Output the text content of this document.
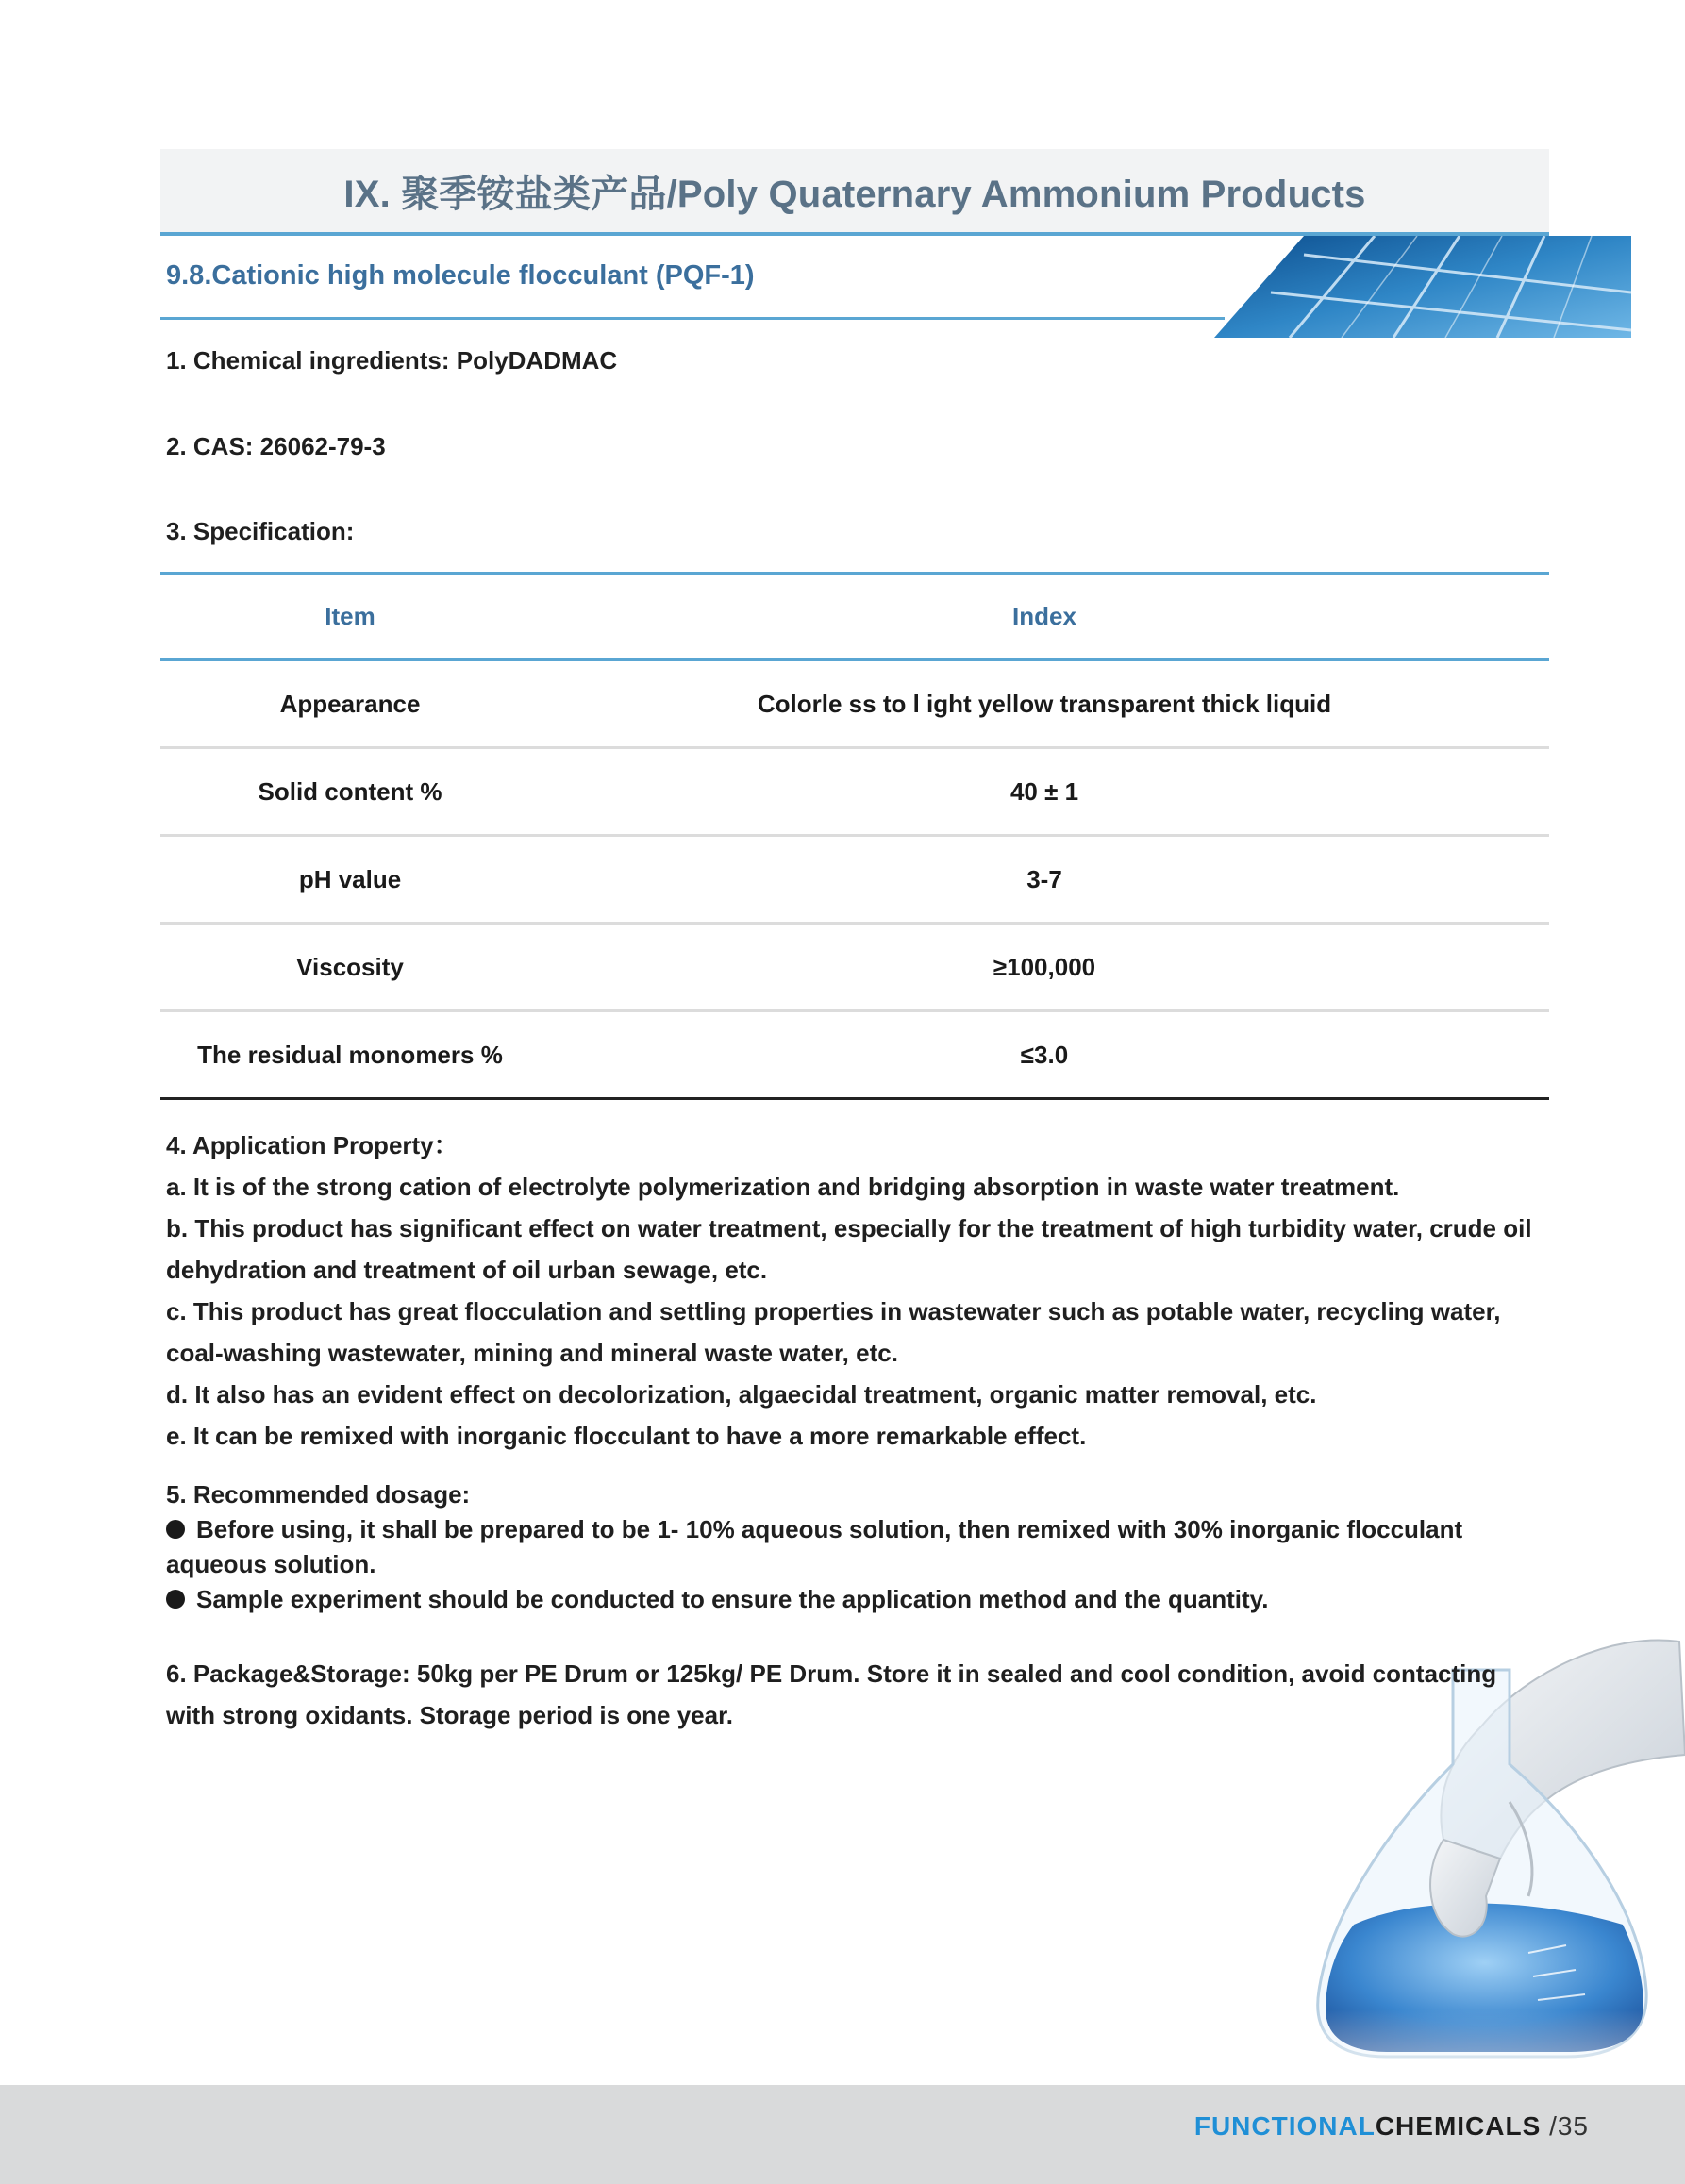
IX. 聚季铵盐类产品/Poly Quaternary Ammonium Products
9.8.Cationic high molecule flocculant (PQF-1)
1. Chemical ingredients: PolyDADMAC
2. CAS: 26062-79-3
3. Specification:
Item	Index
Appearance	Colorle ss to l ight yellow transparent thick liquid
Solid content %	40 ± 1
pH value	3-7
Viscosity	≥100,000
The residual monomers %	≤3.0
4. Application Property：
a. It is of the strong cation of electrolyte polymerization and bridging absorption in waste water treatment.
b. This product has significant effect on water treatment, especially for the treatment of high turbidity water, crude oil
dehydration and treatment of oil urban sewage, etc.
c. This product has great flocculation and settling properties in wastewater such as potable water, recycling water,
coal-washing wastewater, mining and mineral waste water, etc.
d. It also has an evident effect on decolorization, algaecidal treatment, organic matter removal, etc.
e. It can be remixed with inorganic flocculant to have a more remarkable effect.
5. Recommended dosage:
Before using, it shall be prepared to be 1- 10% aqueous solution, then remixed with 30% inorganic flocculant
aqueous solution.
Sample experiment should be conducted to ensure the application method and the quantity.
6. Package&Storage: 50kg per PE Drum or 125kg/ PE Drum. Store it in sealed and cool condition, avoid contacting
with strong oxidants. Storage period is one year.
FUNCTIONALCHEMICALS /35
